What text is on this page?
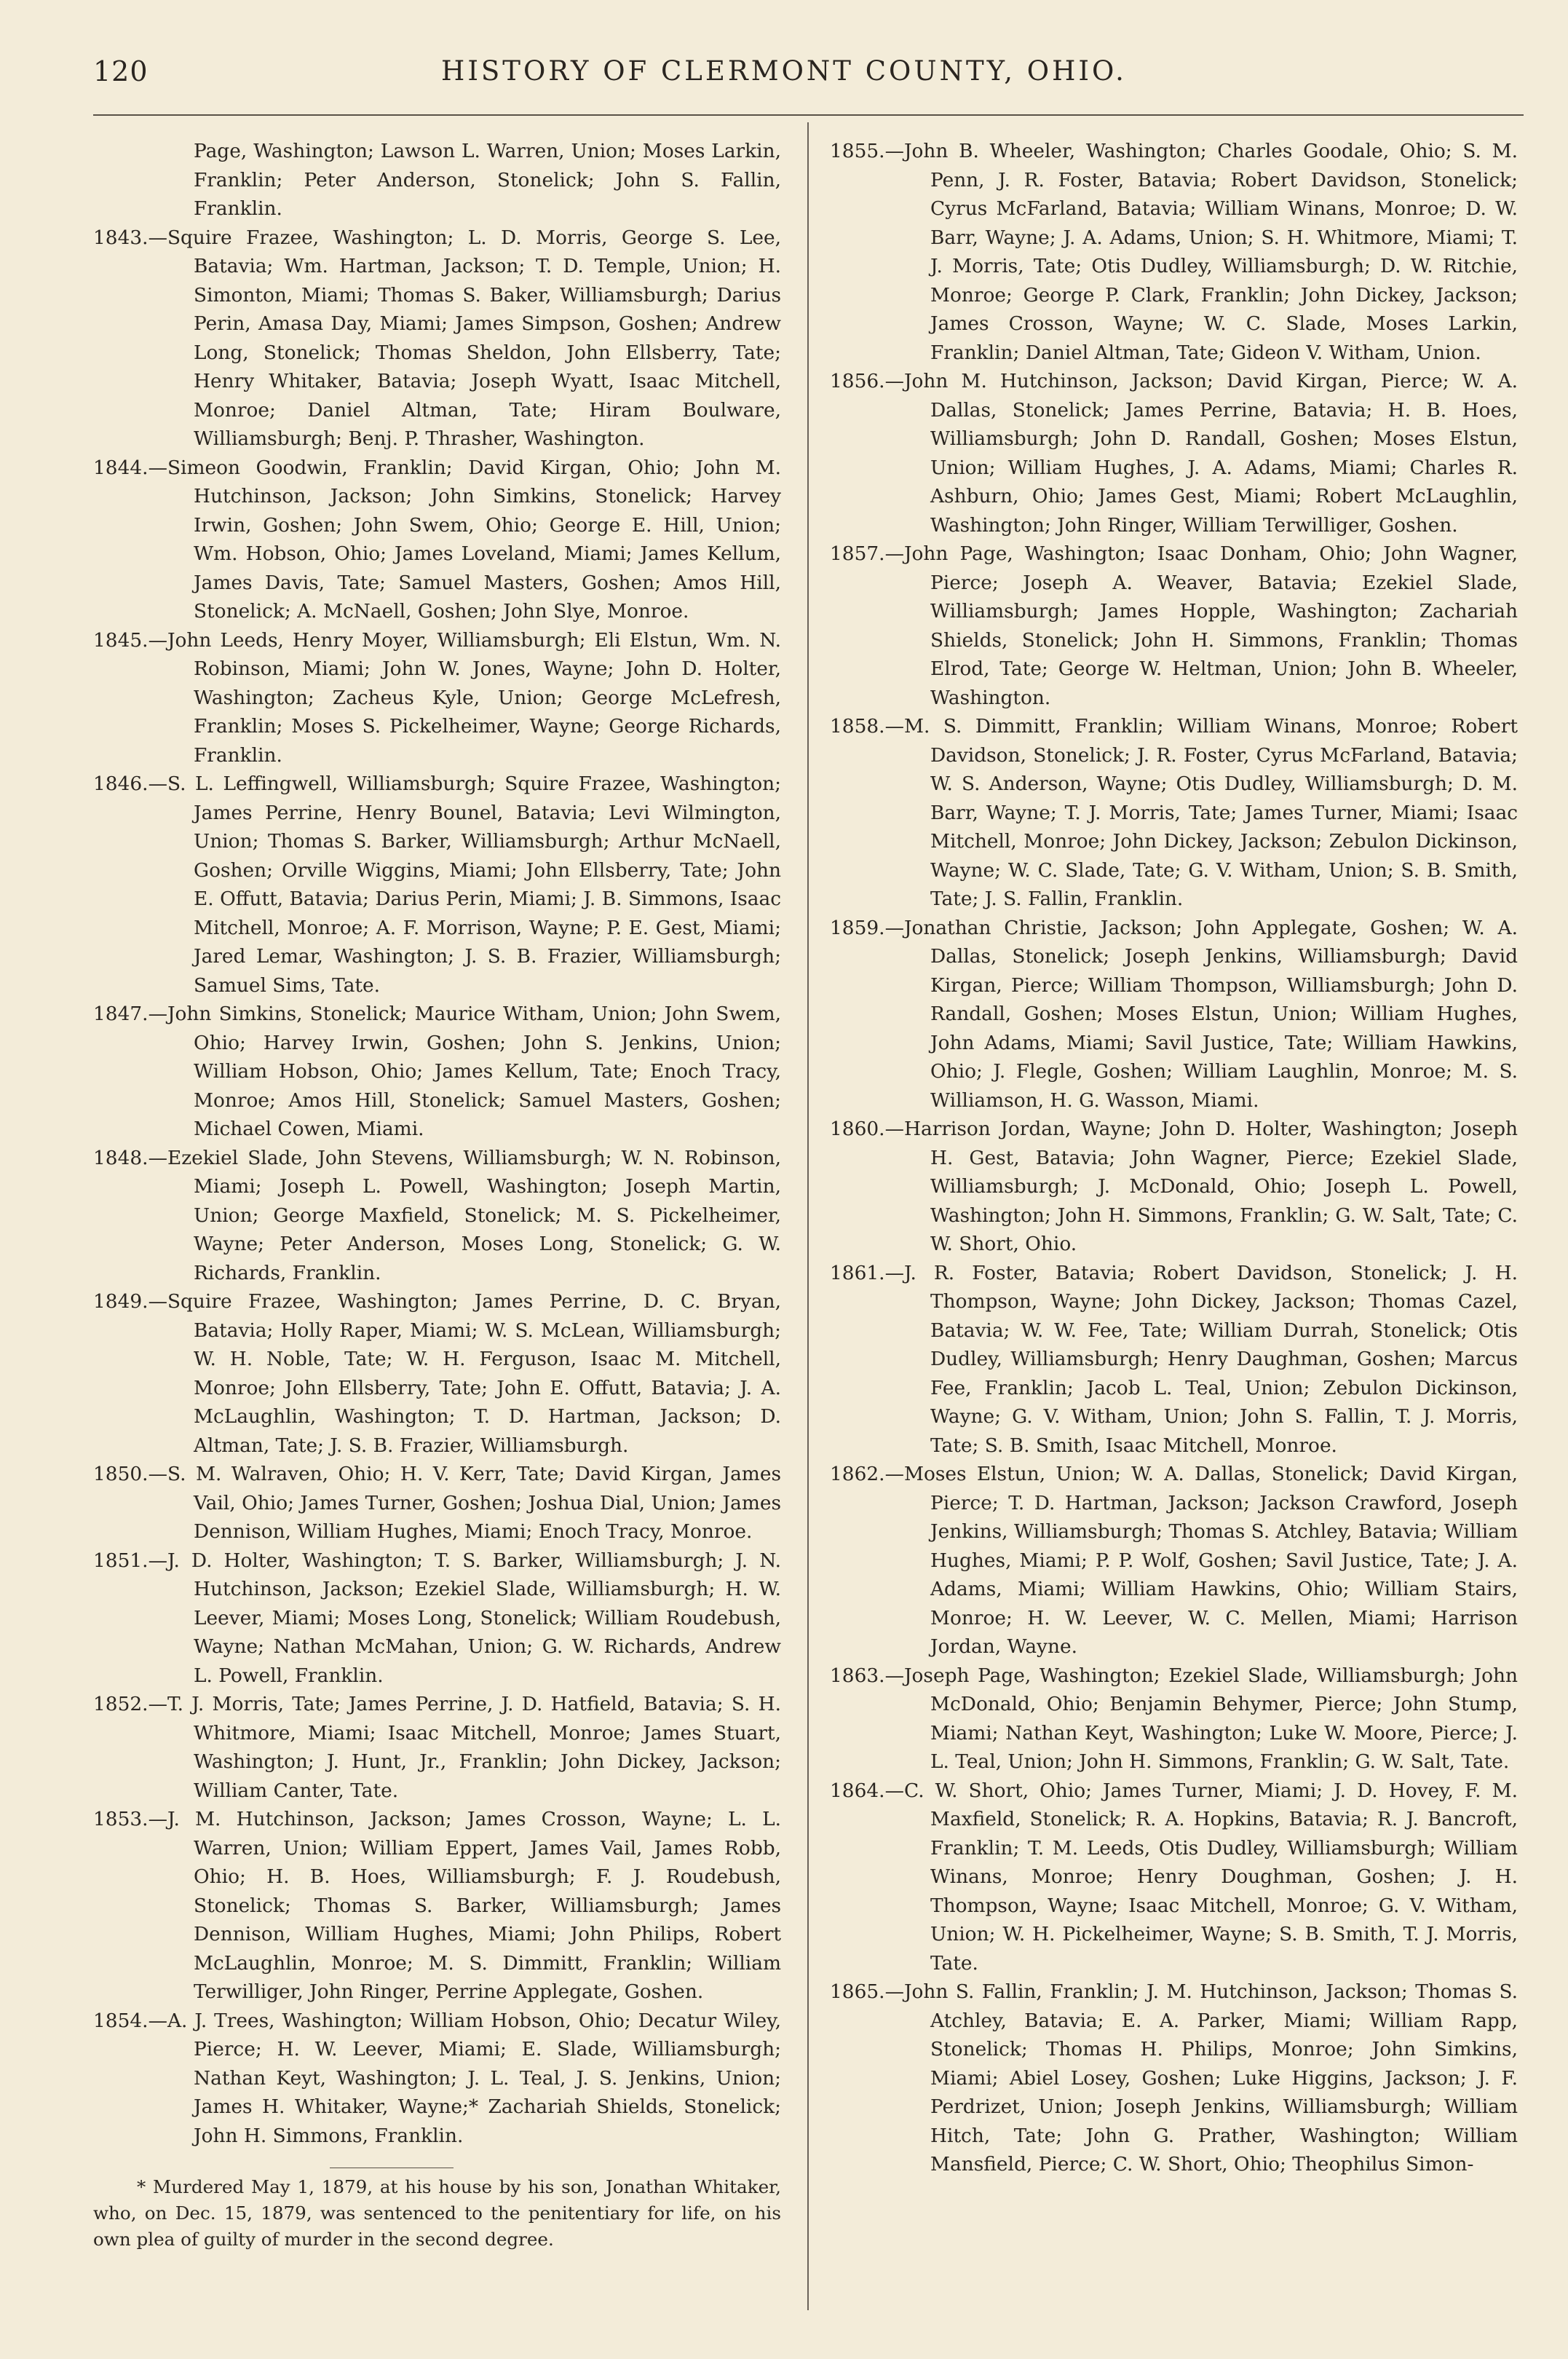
120	HISTORY OF CLERMONT COUNTY, OHIO.

Page, Washington; Lawson L. Warren, Union; Moses Larkin, Franklin; Peter Anderson, Stonelick; John S. Fallin, Franklin.

1843.—Squire Frazee, Washington; L. D. Morris, George S. Lee, Batavia; Wm. Hartman, Jackson; T. D. Temple, Union; H. Simonton, Miami; Thomas S. Baker, Williamsburgh; Darius Perin, Amasa Day, Miami; James Simpson, Goshen; Andrew Long, Stonelick; Thomas Sheldon, John Ellsberry, Tate; Henry Whitaker, Batavia; Joseph Wyatt, Isaac Mitchell, Monroe; Daniel Altman, Tate; Hiram Boulware, Williamsburgh; Benj. P. Thrasher, Washington.

1844.—Simeon Goodwin, Franklin; David Kirgan, Ohio; John M. Hutchinson, Jackson; John Simkins, Stonelick; Harvey Irwin, Goshen; John Swem, Ohio; George E. Hill, Union; Wm. Hobson, Ohio; James Loveland, Miami; James Kellum, James Davis, Tate; Samuel Masters, Goshen; Amos Hill, Stonelick; A. McNaell, Goshen; John Slye, Monroe.

1845.—John Leeds, Henry Moyer, Williamsburgh; Eli Elstun, Wm. N. Robinson, Miami; John W. Jones, Wayne; John D. Holter, Washington; Zacheus Kyle, Union; George McLefresh, Franklin; Moses S. Pickelheimer, Wayne; George Richards, Franklin.

1846.—S. L. Leffingwell, Williamsburgh; Squire Frazee, Washington; James Perrine, Henry Bounel, Batavia; Levi Wilmington, Union; Thomas S. Barker, Williamsburgh; Arthur McNaell, Goshen; Orville Wiggins, Miami; John Ellsberry, Tate; John E. Offutt, Batavia; Darius Perin, Miami; J. B. Simmons, Isaac Mitchell, Monroe; A. F. Morrison, Wayne; P. E. Gest, Miami; Jared Lemar, Washington; J. S. B. Frazier, Williamsburgh; Samuel Sims, Tate.

1847.—John Simkins, Stonelick; Maurice Witham, Union; John Swem, Ohio; Harvey Irwin, Goshen; John S. Jenkins, Union; William Hobson, Ohio; James Kellum, Tate; Enoch Tracy, Monroe; Amos Hill, Stonelick; Samuel Masters, Goshen; Michael Cowen, Miami.

1848.—Ezekiel Slade, John Stevens, Williamsburgh; W. N. Robinson, Miami; Joseph L. Powell, Washington; Joseph Martin, Union; George Maxfield, Stonelick; M. S. Pickelheimer, Wayne; Peter Anderson, Moses Long, Stonelick; G. W. Richards, Franklin.

1849.—Squire Frazee, Washington; James Perrine, D. C. Bryan, Batavia; Holly Raper, Miami; W. S. McLean, Williamsburgh; W. H. Noble, Tate; W. H. Ferguson, Isaac M. Mitchell, Monroe; John Ellsberry, Tate; John E. Offutt, Batavia; J. A. McLaughlin, Washington; T. D. Hartman, Jackson; D. Altman, Tate; J. S. B. Frazier, Williamsburgh.

1850.—S. M. Walraven, Ohio; H. V. Kerr, Tate; David Kirgan, James Vail, Ohio; James Turner, Goshen; Joshua Dial, Union; James Dennison, William Hughes, Miami; Enoch Tracy, Monroe.

1851.—J. D. Holter, Washington; T. S. Barker, Williamsburgh; J. N. Hutchinson, Jackson; Ezekiel Slade, Williamsburgh; H. W. Leever, Miami; Moses Long, Stonelick; William Roudebush, Wayne; Nathan McMahan, Union; G. W. Richards, Andrew L. Powell, Franklin.

1852.—T. J. Morris, Tate; James Perrine, J. D. Hatfield, Batavia; S. H. Whitmore, Miami; Isaac Mitchell, Monroe; James Stuart, Washington; J. Hunt, Jr., Franklin; John Dickey, Jackson; William Canter, Tate.

1853.—J. M. Hutchinson, Jackson; James Crosson, Wayne; L. L. Warren, Union; William Eppert, James Vail, James Robb, Ohio; H. B. Hoes, Williamsburgh; F. J. Roudebush, Stonelick; Thomas S. Barker, Williamsburgh; James Dennison, William Hughes, Miami; John Philips, Robert McLaughlin, Monroe; M. S. Dimmitt, Franklin; William Terwilliger, John Ringer, Perrine Applegate, Goshen.

1854.—A. J. Trees, Washington; William Hobson, Ohio; Decatur Wiley, Pierce; H. W. Leever, Miami; E. Slade, Williamsburgh; Nathan Keyt, Washington; J. L. Teal, J. S. Jenkins, Union; James H. Whitaker, Wayne;* Zachariah Shields, Stonelick; John H. Simmons, Franklin.

* Murdered May 1, 1879, at his house by his son, Jonathan Whitaker, who, on Dec. 15, 1879, was sentenced to the penitentiary for life, on his own plea of guilty of murder in the second degree.

1855.—John B. Wheeler, Washington; Charles Goodale, Ohio; S. M. Penn, J. R. Foster, Batavia; Robert Davidson, Stonelick; Cyrus McFarland, Batavia; William Winans, Monroe; D. W. Barr, Wayne; J. A. Adams, Union; S. H. Whitmore, Miami; T. J. Morris, Tate; Otis Dudley, Williamsburgh; D. W. Ritchie, Monroe; George P. Clark, Franklin; John Dickey, Jackson; James Crosson, Wayne; W. C. Slade, Moses Larkin, Franklin; Daniel Altman, Tate; Gideon V. Witham, Union.

1856.—John M. Hutchinson, Jackson; David Kirgan, Pierce; W. A. Dallas, Stonelick; James Perrine, Batavia; H. B. Hoes, Williamsburgh; John D. Randall, Goshen; Moses Elstun, Union; William Hughes, J. A. Adams, Miami; Charles R. Ashburn, Ohio; James Gest, Miami; Robert McLaughlin, Washington; John Ringer, William Terwilliger, Goshen.

1857.—John Page, Washington; Isaac Donham, Ohio; John Wagner, Pierce; Joseph A. Weaver, Batavia; Ezekiel Slade, Williamsburgh; James Hopple, Washington; Zachariah Shields, Stonelick; John H. Simmons, Franklin; Thomas Elrod, Tate; George W. Heltman, Union; John B. Wheeler, Washington.

1858.—M. S. Dimmitt, Franklin; William Winans, Monroe; Robert Davidson, Stonelick; J. R. Foster, Cyrus McFarland, Batavia; W. S. Anderson, Wayne; Otis Dudley, Williamsburgh; D. M. Barr, Wayne; T. J. Morris, Tate; James Turner, Miami; Isaac Mitchell, Monroe; John Dickey, Jackson; Zebulon Dickinson, Wayne; W. C. Slade, Tate; G. V. Witham, Union; S. B. Smith, Tate; J. S. Fallin, Franklin.

1859.—Jonathan Christie, Jackson; John Applegate, Goshen; W. A. Dallas, Stonelick; Joseph Jenkins, Williamsburgh; David Kirgan, Pierce; William Thompson, Williamsburgh; John D. Randall, Goshen; Moses Elstun, Union; William Hughes, John Adams, Miami; Savil Justice, Tate; William Hawkins, Ohio; J. Flegle, Goshen; William Laughlin, Monroe; M. S. Williamson, H. G. Wasson, Miami.

1860.—Harrison Jordan, Wayne; John D. Holter, Washington; Joseph H. Gest, Batavia; John Wagner, Pierce; Ezekiel Slade, Williamsburgh; J. McDonald, Ohio; Joseph L. Powell, Washington; John H. Simmons, Franklin; G. W. Salt, Tate; C. W. Short, Ohio.

1861.—J. R. Foster, Batavia; Robert Davidson, Stonelick; J. H. Thompson, Wayne; John Dickey, Jackson; Thomas Cazel, Batavia; W. W. Fee, Tate; William Durrah, Stonelick; Otis Dudley, Williamsburgh; Henry Daughman, Goshen; Marcus Fee, Franklin; Jacob L. Teal, Union; Zebulon Dickinson, Wayne; G. V. Witham, Union; John S. Fallin, T. J. Morris, Tate; S. B. Smith, Isaac Mitchell, Monroe.

1862.—Moses Elstun, Union; W. A. Dallas, Stonelick; David Kirgan, Pierce; T. D. Hartman, Jackson; Jackson Crawford, Joseph Jenkins, Williamsburgh; Thomas S. Atchley, Batavia; William Hughes, Miami; P. P. Wolf, Goshen; Savil Justice, Tate; J. A. Adams, Miami; William Hawkins, Ohio; William Stairs, Monroe; H. W. Leever, W. C. Mellen, Miami; Harrison Jordan, Wayne.

1863.—Joseph Page, Washington; Ezekiel Slade, Williamsburgh; John McDonald, Ohio; Benjamin Behymer, Pierce; John Stump, Miami; Nathan Keyt, Washington; Luke W. Moore, Pierce; J. L. Teal, Union; John H. Simmons, Franklin; G. W. Salt, Tate.

1864.—C. W. Short, Ohio; James Turner, Miami; J. D. Hovey, F. M. Maxfield, Stonelick; R. A. Hopkins, Batavia; R. J. Bancroft, Franklin; T. M. Leeds, Otis Dudley, Williamsburgh; William Winans, Monroe; Henry Doughman, Goshen; J. H. Thompson, Wayne; Isaac Mitchell, Monroe; G. V. Witham, Union; W. H. Pickelheimer, Wayne; S. B. Smith, T. J. Morris, Tate.

1865.—John S. Fallin, Franklin; J. M. Hutchinson, Jackson; Thomas S. Atchley, Batavia; E. A. Parker, Miami; William Rapp, Stonelick; Thomas H. Philips, Monroe; John Simkins, Miami; Abiel Losey, Goshen; Luke Higgins, Jackson; J. F. Perdrizet, Union; Joseph Jenkins, Williamsburgh; William Hitch, Tate; John G. Prather, Washington; William Mansfield, Pierce; C. W. Short, Ohio; Theophilus Simon-
